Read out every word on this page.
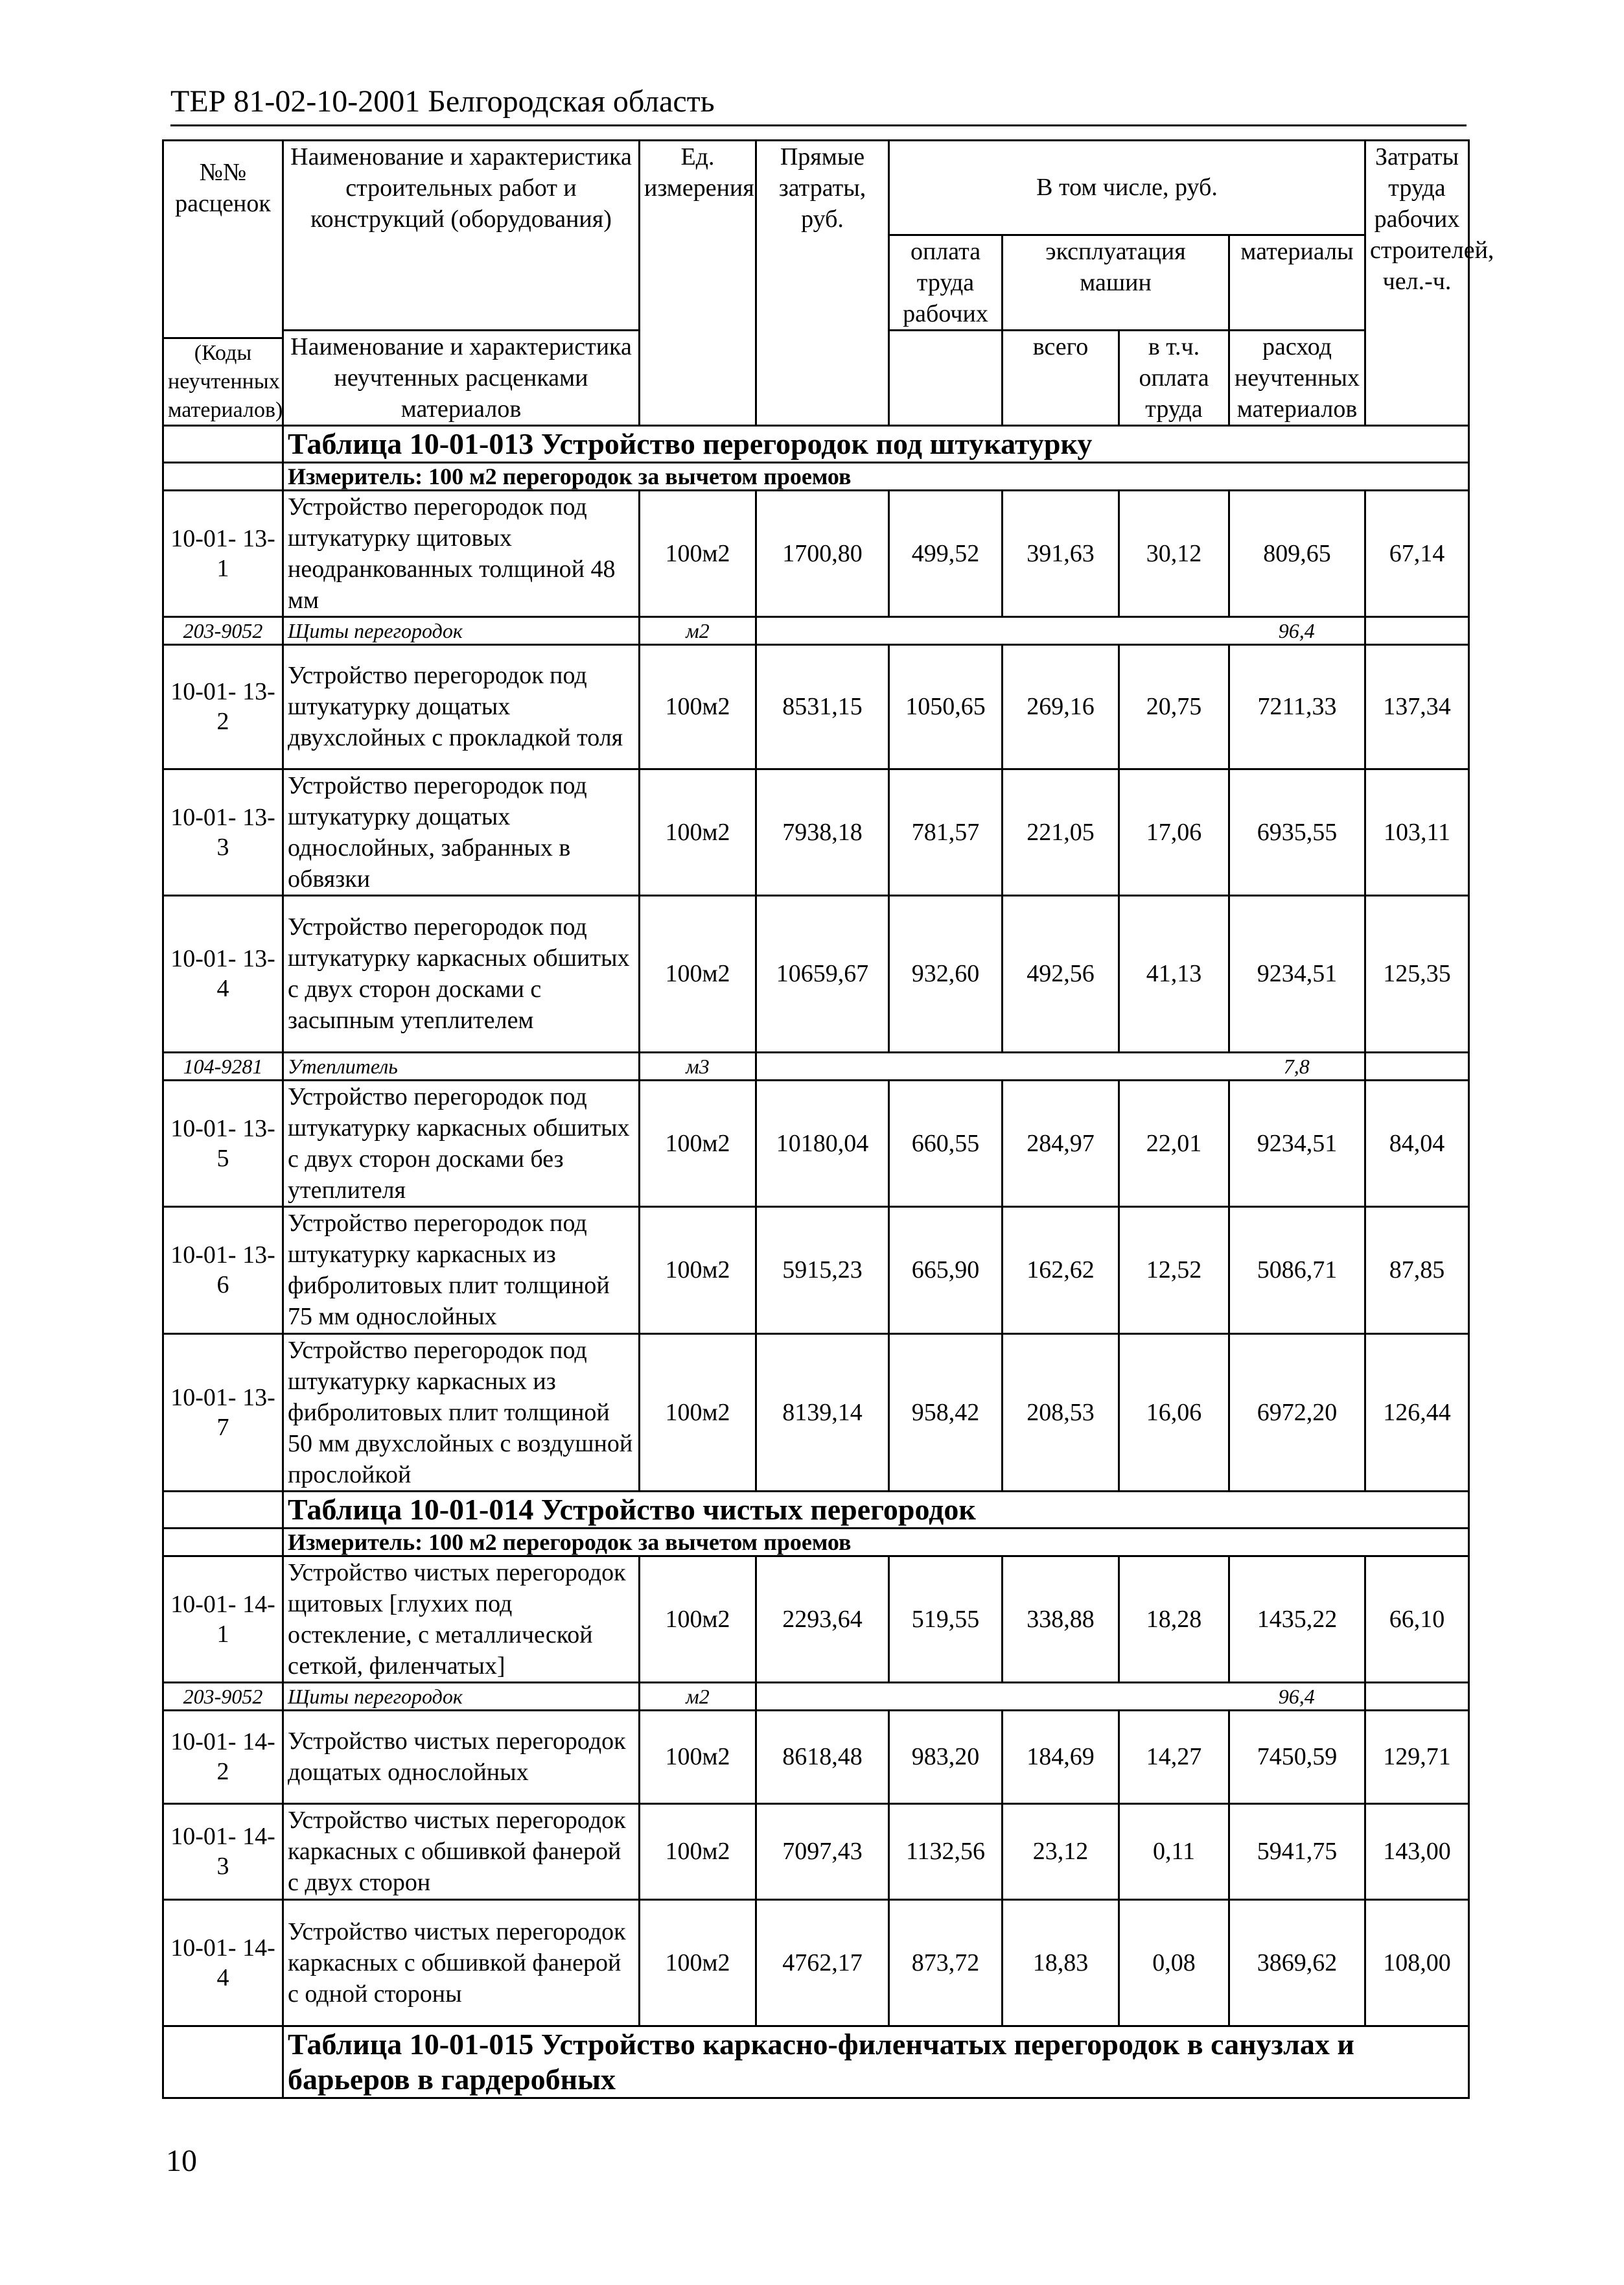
ТЕР 81-02-10-2001 Белгородская область
№№ расценок	Наименование и характеристика строительных работ и конструкций (оборудования)	Ед. измерения	Прямые затраты, руб.	В том числе, руб.				Затраты труда рабочих строителей, чел.-ч.

(Коды неучтенных материалов)	Наименование и характеристика неучтенных расценками материалов			оплата труда рабочих	эксплуатация машин		материалы	
					всего	в т.ч. оплата труда	расход неучтенных материалов	
	Таблица 10-01-013 Устройство перегородок под штукатурку							
	Измеритель: 100 м2 перегородок за вычетом проемов							
10-01- 13-1	Устройство перегородок под штукатурку щитовых неодранкованных толщиной 48 мм	100м2	1700,80	499,52	391,63	30,12	809,65	67,14
203-9052	Щиты перегородок	м2					96,4	
10-01- 13-2	Устройство перегородок под штукатурку дощатых двухслойных с прокладкой толя	100м2	8531,15	1050,65	269,16	20,75	7211,33	137,34
10-01- 13-3	Устройство перегородок под штукатурку дощатых однослойных, забранных в обвязки	100м2	7938,18	781,57	221,05	17,06	6935,55	103,11
10-01- 13-4	Устройство перегородок под штукатурку каркасных обшитых с двух сторон досками с засыпным утеплителем	100м2	10659,67	932,60	492,56	41,13	9234,51	125,35
104-9281	Утеплитель	м3					7,8	
10-01- 13-5	Устройство перегородок под штукатурку каркасных обшитых с двух сторон досками без утеплителя	100м2	10180,04	660,55	284,97	22,01	9234,51	84,04
10-01- 13-6	Устройство перегородок под штукатурку каркасных из фибролитовых плит толщиной 75 мм однослойных	100м2	5915,23	665,90	162,62	12,52	5086,71	87,85
10-01- 13-7	Устройство перегородок под штукатурку каркасных из фибролитовых плит толщиной 50 мм двухслойных с воздушной прослойкой	100м2	8139,14	958,42	208,53	16,06	6972,20	126,44
	Таблица 10-01-014 Устройство чистых перегородок							
	Измеритель: 100 м2 перегородок за вычетом проемов							
10-01- 14-1	Устройство чистых перегородок щитовых [глухих под остекление, с металлической сеткой, филенчатых]	100м2	2293,64	519,55	338,88	18,28	1435,22	66,10
203-9052	Щиты перегородок	м2					96,4	
10-01- 14-2	Устройство чистых перегородок дощатых однослойных	100м2	8618,48	983,20	184,69	14,27	7450,59	129,71
10-01- 14-3	Устройство чистых перегородок каркасных с обшивкой фанерой с двух сторон	100м2	7097,43	1132,56	23,12	0,11	5941,75	143,00
10-01- 14-4	Устройство чистых перегородок каркасных с обшивкой фанерой с одной стороны	100м2	4762,17	873,72	18,83	0,08	3869,62	108,00
	Таблица 10-01-015 Устройство каркасно-филенчатых перегородок в санузлах и барьеров в гардеробных							
10
